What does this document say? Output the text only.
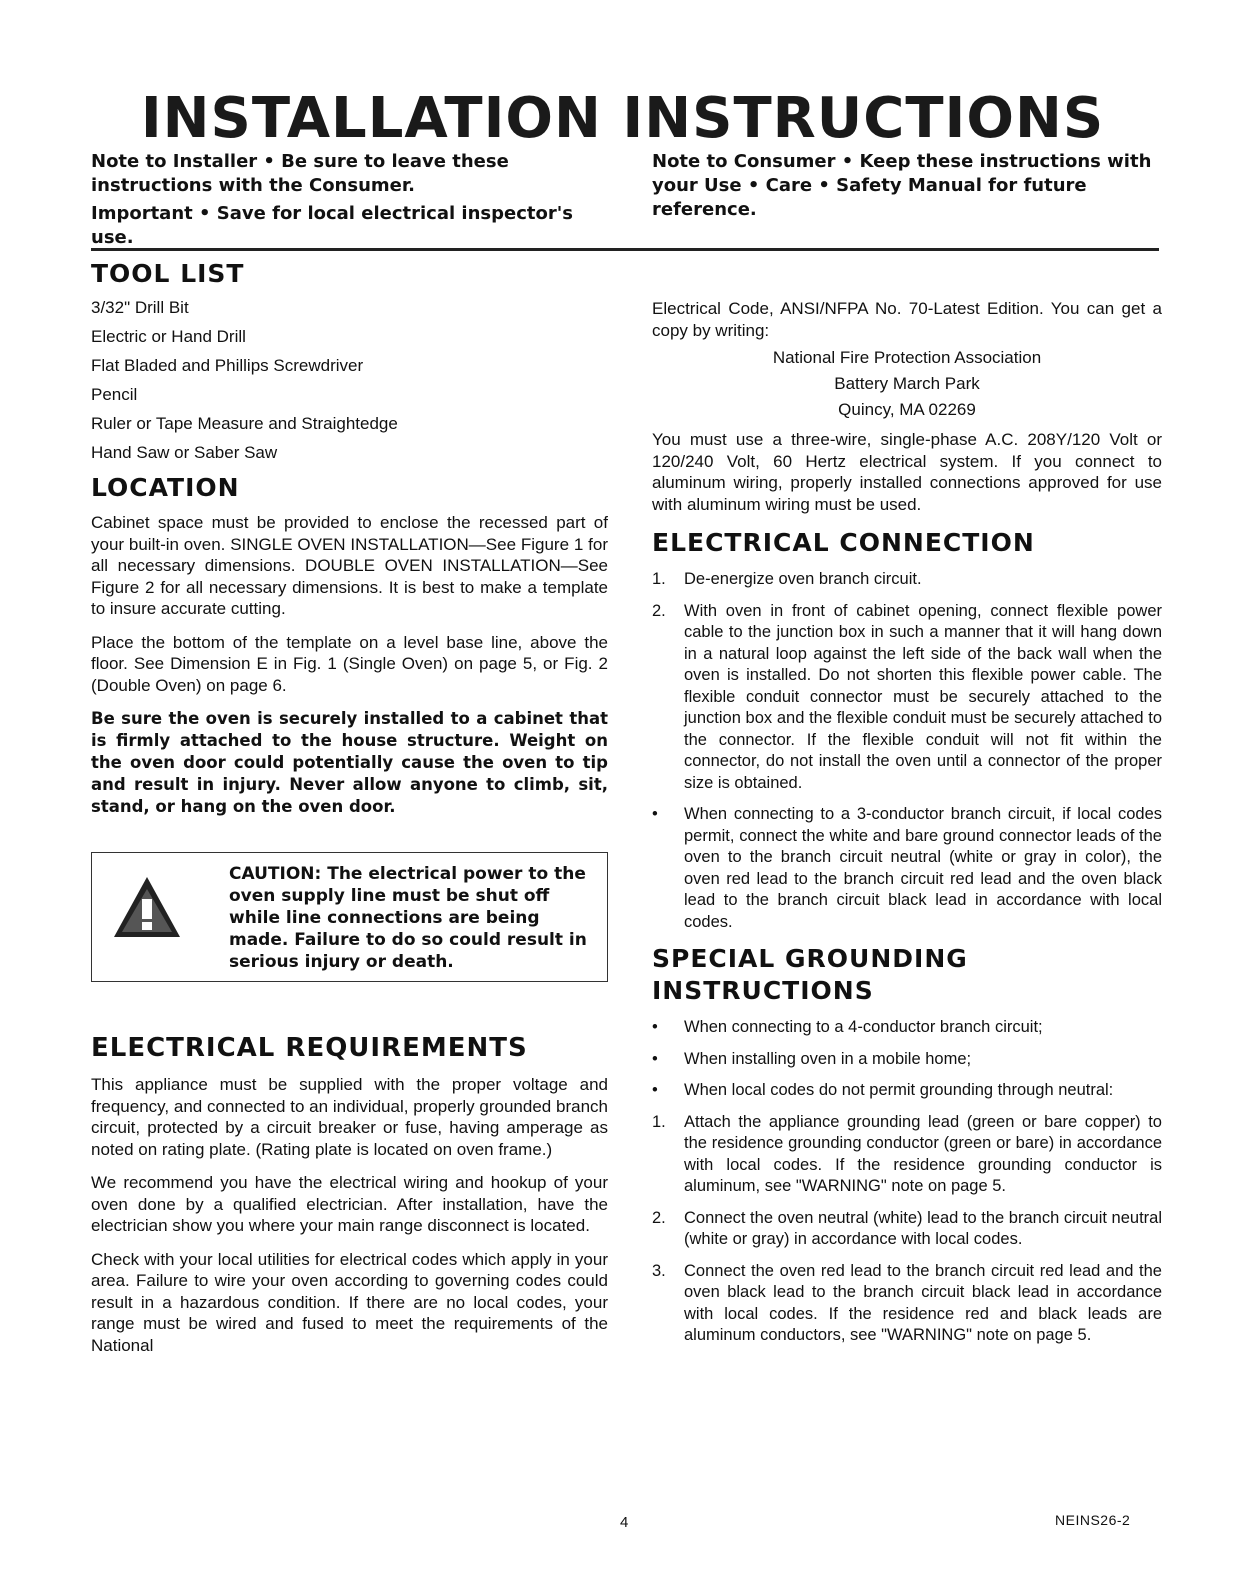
INSTALLATION INSTRUCTIONS

Note to Installer • Be sure to leave these instructions with the Consumer.

Important • Save for local electrical inspector's use.

Note to Consumer • Keep these instructions with your Use • Care • Safety Manual for future reference.

TOOL LIST
3/32" Drill Bit
Electric or Hand Drill
Flat Bladed and Phillips Screwdriver
Pencil
Ruler or Tape Measure and Straightedge
Hand Saw or Saber Saw
LOCATION

Cabinet space must be provided to enclose the recessed part of your built-in oven. SINGLE OVEN INSTALLATION—See Figure 1 for all necessary dimensions. DOUBLE OVEN INSTALLATION—See Figure 2 for all necessary dimensions. It is best to make a template to insure accurate cutting.

Place the bottom of the template on a level base line, above the floor. See Dimension E in Fig. 1 (Single Oven) on page 5, or Fig. 2 (Double Oven) on page 6.

Be sure the oven is securely installed to a cabinet that is firmly attached to the house structure. Weight on the oven door could potentially cause the oven to tip and result in injury. Never allow anyone to climb, sit, stand, or hang on the oven door.

CAUTION: The electrical power to the oven supply line must be shut off while line connections are being made. Failure to do so could result in serious injury or death.
ELECTRICAL REQUIREMENTS

This appliance must be supplied with the proper voltage and frequency, and connected to an individual, properly grounded branch circuit, protected by a circuit breaker or fuse, having amperage as noted on rating plate. (Rating plate is located on oven frame.)

We recommend you have the electrical wiring and hookup of your oven done by a qualified electrician. After installation, have the electrician show you where your main range disconnect is located.

Check with your local utilities for electrical codes which apply in your area. Failure to wire your oven according to governing codes could result in a hazardous condition. If there are no local codes, your range must be wired and fused to meet the requirements of the National

Electrical Code, ANSI/NFPA No. 70-Latest Edition. You can get a copy by writing:

National Fire Protection Association

Battery March Park

Quincy, MA 02269

You must use a three-wire, single-phase A.C. 208Y/120 Volt or 120/240 Volt, 60 Hertz electrical system. If you connect to aluminum wiring, properly installed connections approved for use with aluminum wiring must be used.

ELECTRICAL CONNECTION
1.	De-energize oven branch circuit.
2.	With oven in front of cabinet opening, connect flexible power cable to the junction box in such a manner that it will hang down in a natural loop against the left side of the back wall when the oven is installed. Do not shorten this flexible power cable. The flexible conduit connector must be securely attached to the junction box and the flexible conduit must be securely attached to the connector. If the flexible conduit will not fit within the connector, do not install the oven until a connector of the proper size is obtained.
•	When connecting to a 3-conductor branch circuit, if local codes permit, connect the white and bare ground connector leads of the oven to the branch circuit neutral (white or gray in color), the oven red lead to the branch circuit red lead and the oven black lead to the branch circuit black lead in accordance with local codes.
SPECIAL GROUNDING
INSTRUCTIONS
•	When connecting to a 4-conductor branch circuit;
•	When installing oven in a mobile home;
•	When local codes do not permit grounding through neutral:
1.	Attach the appliance grounding lead (green or bare copper) to the residence grounding conductor (green or bare) in accordance with local codes. If the residence grounding conductor is aluminum, see "WARNING" note on page 5.
2.	Connect the oven neutral (white) lead to the branch circuit neutral (white or gray) in accordance with local codes.
3.	Connect the oven red lead to the branch circuit red lead and the oven black lead to the branch circuit black lead in accordance with local codes. If the residence red and black leads are aluminum conductors, see "WARNING" note on page 5.
4	NEINS26-2
